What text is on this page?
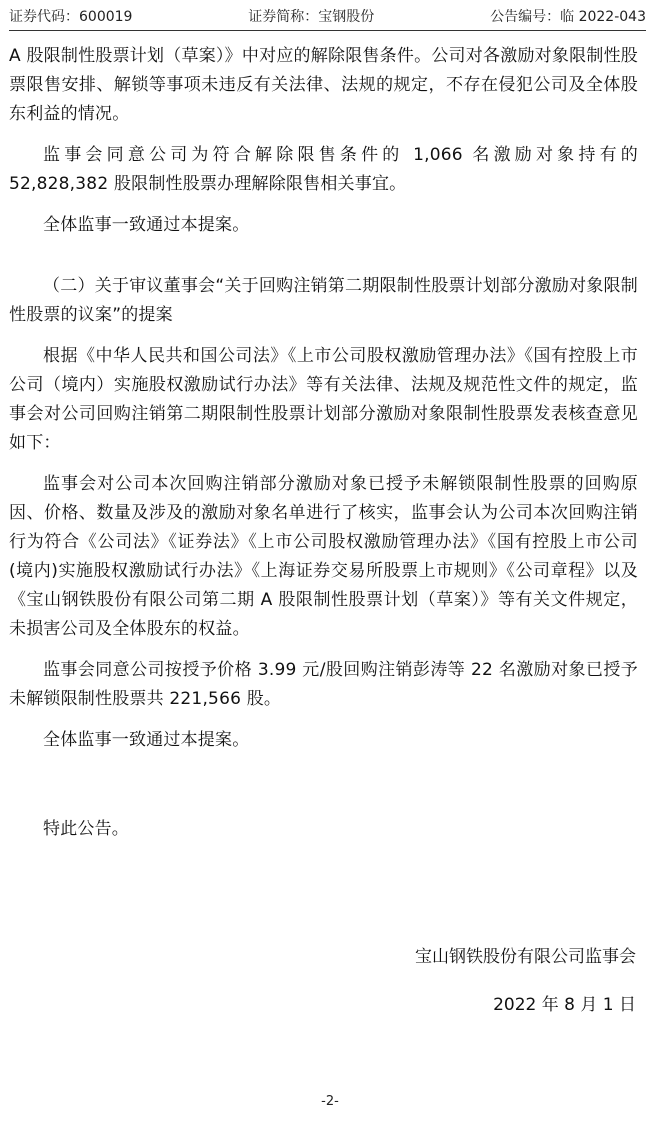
证券代码：600019	证券简称：宝钢股份	公告编号：临 2022-043

A 股限制性股票计划（草案）》中对应的解除限售条件。公司对各激励对象限制性股票限售安排、解锁等事项未违反有关法律、法规的规定，不存在侵犯公司及全体股东利益的情况。

监事会同意公司为符合解除限售条件的 1,066 名激励对象持有的 52,828,382 股限制性股票办理解除限售相关事宜。

全体监事一致通过本提案。

（二）关于审议董事会“关于回购注销第二期限制性股票计划部分激励对象限制性股票的议案”的提案

根据《中华人民共和国公司法》《上市公司股权激励管理办法》《国有控股上市公司（境内）实施股权激励试行办法》等有关法律、法规及规范性文件的规定，监事会对公司回购注销第二期限制性股票计划部分激励对象限制性股票发表核查意见如下：

监事会对公司本次回购注销部分激励对象已授予未解锁限制性股票的回购原因、价格、数量及涉及的激励对象名单进行了核实，监事会认为公司本次回购注销行为符合《公司法》《证券法》《上市公司股权激励管理办法》《国有控股上市公司(境内)实施股权激励试行办法》《上海证券交易所股票上市规则》《公司章程》以及《宝山钢铁股份有限公司第二期 A 股限制性股票计划（草案）》等有关文件规定，未损害公司及全体股东的权益。

监事会同意公司按授予价格 3.99 元/股回购注销彭涛等 22 名激励对象已授予未解锁限制性股票共 221,566 股。

全体监事一致通过本提案。

特此公告。

宝山钢铁股份有限公司监事会
2022 年 8 月 1 日
-2-
